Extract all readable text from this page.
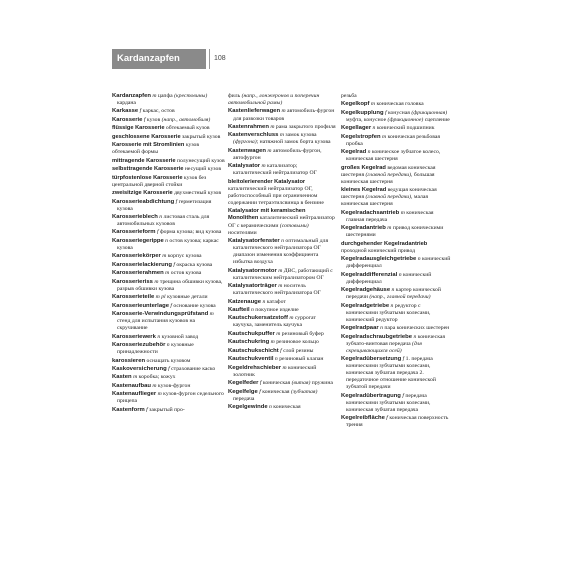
Kardanzapfen	108
Kardanzapfen m цапфа (крестовины) кардана
Karkasse f каркас, остов
Karosserie f кузов (напр., автомобиля)
flüssige Karosserie обтекаемый кузов
geschlossene Karosserie закрытый кузов
Karosserie mit Stromlinien кузов обтекаемой формы
mittragende Karosserie полунесущий кузов
selbsttragende Karosserie несущий кузов
türpfostenlose Karosserie кузов без центральной дверной стойки
zweisitzige Karosserie двухместный кузов
Karosserieabdichtung f герметизация кузова
Karosserieblech n листовая сталь для автомобильных кузовов
Karosserieform f форма кузова; вид кузова
Karosseriegerippe n остов кузова; каркас кузова
Karosseriekörper m корпус кузова
Karosserielackierung f окраска кузова
Karosserierahmen m остов кузова
Karosserieriss m трещина обшивки кузова, разрыв обшивки кузова
Karosserieteile m pl кузовные детали
Karosserieunterlage f основание кузова
Karosserie-Verwindungsprüfstand m стенд для испытания кузовов на скручивание
Karosseriewerk n кузовной завод
Karosseriezubehör n кузовные принадлежности
karossieren оснащать кузовом
Kaskoversicherung f страхование каско
Kasten m коробка; кожух
Kastenaufbau m кузов-фургон
Kastenauflieger m кузов-фургон седельного прицепа
Kastenform f закрытый про-
филь (напр., лонжеронов и поперечин автомобильной рамы)
Kastenlieferwagen m автомобиль-фургон для развозки товаров
Kastenrahmen m рама закрытого профиля
Kastenverschluss m замок кузова (фургона); натяжной замок борта кузова
Kastenwagen m автомобиль-фургон, автофургон
Katalysator m катализатор; каталитический нейтрализатор ОГ
bleitolerierender Katalysator каталитический нейтрализатор ОГ, работоспособный при ограниченном содержании тетраэтилсвинца в бензине
Katalysator mit keramischen Monolithen каталитический нейтрализатор ОГ с керамическими (сотовыми) носителями
Katalysatorfenster n оптимальный для каталитического нейтрализатора ОГ диапазон изменения коэффициента избытка воздуха
Katalysatormotor m ДВС, работающий с каталитическим нейтрализатором ОГ
Katalysatorträger m носитель каталитического нейтрализатора ОГ
Katzenauge n катафот
Kaufteil n покупное изделие
Kautschukersatzstoff m суррогат каучука, заменитель каучука
Kautschukpuffer m резиновый буфер
Kautschukring m резиновое кольцо
Kautschukschicht f слой резины
Kautschukventil n резиновый клапан
Kegeldrehschieber m конический золотник
Kegelfeder f коническая (витая) пружина
Kegelfelge f коническая (зубчатая) передача
Kegelgewinde n коническая
резьба
Kegelkopf m коническая головка
Kegelkupplung f конусная (фрикционная) муфта, конусное (фрикционное) сцепление
Kegellager n конический подшипник
Kegelstropfen m коническая резьбовая пробка
Kegelrad n коническое зубчатое колесо, коническая шестерня
großes Kegelrad ведомая коническая шестерня (главной передачи), большая коническая шестерня
kleines Kegelrad ведущая коническая шестерня (главной передачи), малая коническая шестерня
Kegelradachsantrieb m коническая главная передача
Kegelradantrieb m привод коническими шестернями
durchgehender Kegelradantrieb проходной конический привод
Kegelradausgleichgetriebe n конический дифференциал
Kegelraddifferenzial n конический дифференциал
Kegelradgehäuse n картер конической передачи (напр., главной передачи)
Kegelradgetriebe n редуктор с коническими зубчатыми колесами, конический редуктор
Kegelradpaar n пара конических шестерен
Kegelradschraubgetriebe n коническая зубчато-винтовая передача (для скрещивающихся осей)
Kegelradübersetzung f 1. передача коническими зубчатыми колесами, коническая зубчатая передача 2. передаточное отношение конической зубчатой передачи
Kegelradübertragung f передача коническими зубчатыми колесами, коническая зубчатая передача
Kegelreibfläche f коническая поверхность трения
